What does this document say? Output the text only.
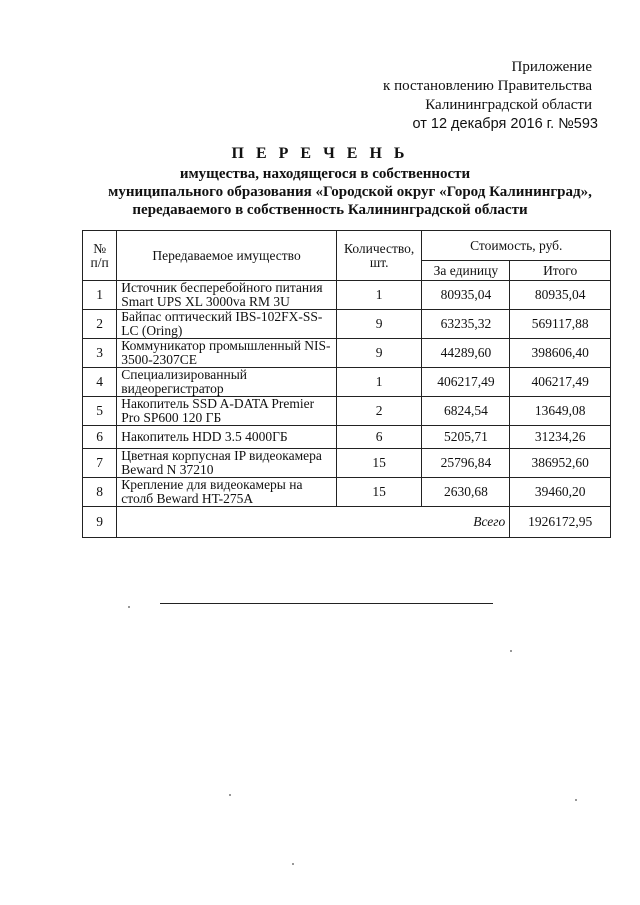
Приложение
к постановлению Правительства
Калининградской области
от 12 декабря 2016 г. №593
П Е Р Е Ч Е Н Ь
имущества, находящегося в собственности
муниципального образования «Городской округ «Город Калининград»,
передаваемого в собственность Калининградской области
№ п/п	Передаваемое имущество	Количество, шт.	Стоимость, руб.	
			За единицу	Итого
1	Источник бесперебойного питания Smart UPS XL 3000va RM 3U	1	80935,04	80935,04
2	Байпас оптический IBS-102FX-SS-LC (Oring)	9	63235,32	569117,88
3	Коммуникатор промышленный NIS-3500-2307CE	9	44289,60	398606,40
4	Специализированный видеорегистратор	1	406217,49	406217,49
5	Накопитель SSD A-DATA Premier Pro SP600 120 ГБ	2	6824,54	13649,08
6	Накопитель HDD 3.5 4000ГБ	6	5205,71	31234,26
7	Цветная корпусная IP видеокамера Beward N 37210	15	25796,84	386952,60
8	Крепление для видеокамеры на столб Beward HT-275A	15	2630,68	39460,20
9	Всего			1926172,95
